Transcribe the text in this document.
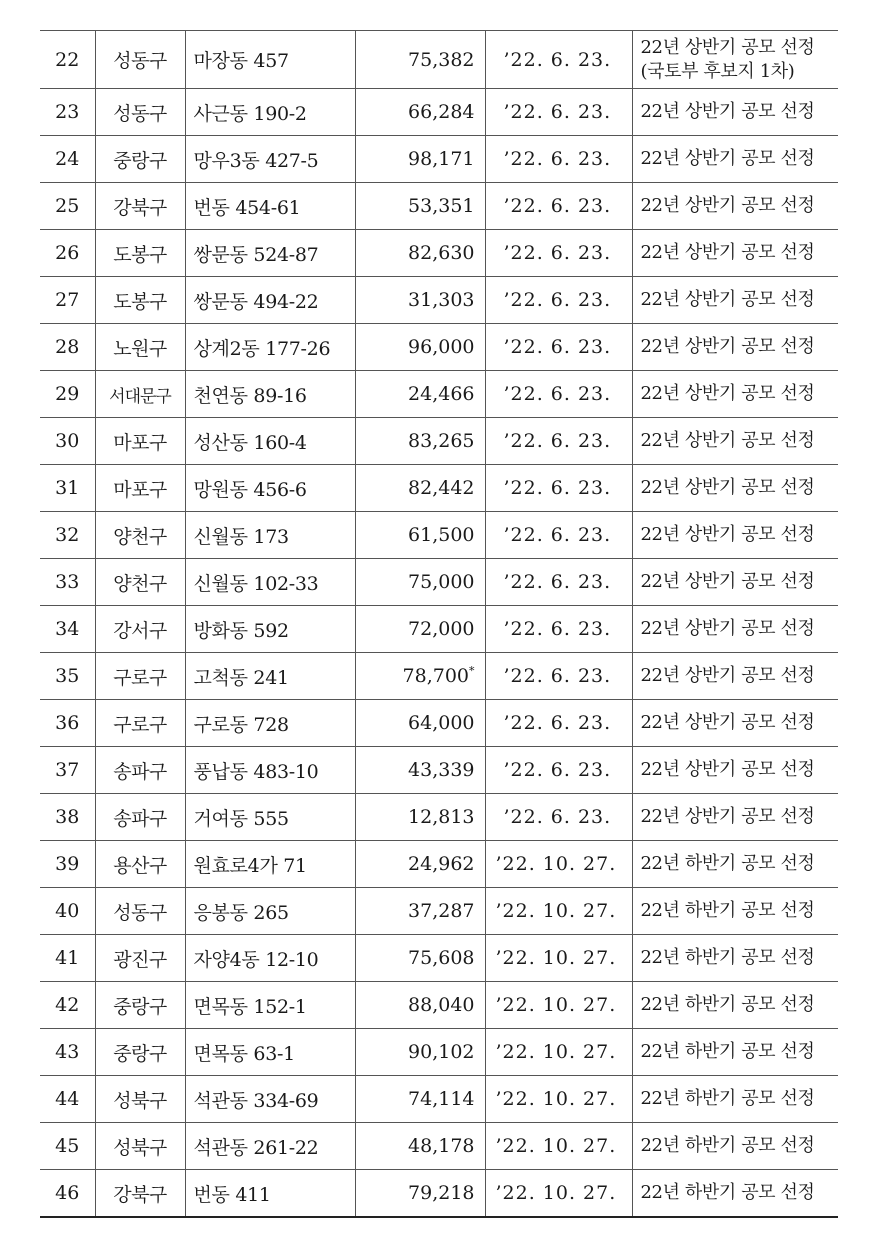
22	성동구	마장동 457	75,382	’22. 6. 23.	22년 상반기 공모 선정
(국토부 후보지 1차)

23	성동구	사근동 190-2	66,284	’22. 6. 23.	22년 상반기 공모 선정

24	중랑구	망우3동 427-5	98,171	’22. 6. 23.	22년 상반기 공모 선정

25	강북구	번동 454-61	53,351	’22. 6. 23.	22년 상반기 공모 선정

26	도봉구	쌍문동 524-87	82,630	’22. 6. 23.	22년 상반기 공모 선정

27	도봉구	쌍문동 494-22	31,303	’22. 6. 23.	22년 상반기 공모 선정

28	노원구	상계2동 177-26	96,000	’22. 6. 23.	22년 상반기 공모 선정

29	서대문구	천연동 89-16	24,466	’22. 6. 23.	22년 상반기 공모 선정

30	마포구	성산동 160-4	83,265	’22. 6. 23.	22년 상반기 공모 선정

31	마포구	망원동 456-6	82,442	’22. 6. 23.	22년 상반기 공모 선정

32	양천구	신월동 173	61,500	’22. 6. 23.	22년 상반기 공모 선정

33	양천구	신월동 102-33	75,000	’22. 6. 23.	22년 상반기 공모 선정

34	강서구	방화동 592	72,000	’22. 6. 23.	22년 상반기 공모 선정

35	구로구	고척동 241	78,700*	’22. 6. 23.	22년 상반기 공모 선정

36	구로구	구로동 728	64,000	’22. 6. 23.	22년 상반기 공모 선정

37	송파구	풍납동 483-10	43,339	’22. 6. 23.	22년 상반기 공모 선정

38	송파구	거여동 555	12,813	’22. 6. 23.	22년 상반기 공모 선정

39	용산구	원효로4가 71	24,962	’22. 10. 27.	22년 하반기 공모 선정

40	성동구	응봉동 265	37,287	’22. 10. 27.	22년 하반기 공모 선정

41	광진구	자양4동 12-10	75,608	’22. 10. 27.	22년 하반기 공모 선정

42	중랑구	면목동 152-1	88,040	’22. 10. 27.	22년 하반기 공모 선정

43	중랑구	면목동 63-1	90,102	’22. 10. 27.	22년 하반기 공모 선정

44	성북구	석관동 334-69	74,114	’22. 10. 27.	22년 하반기 공모 선정

45	성북구	석관동 261-22	48,178	’22. 10. 27.	22년 하반기 공모 선정

46	강북구	번동 411	79,218	’22. 10. 27.	22년 하반기 공모 선정
